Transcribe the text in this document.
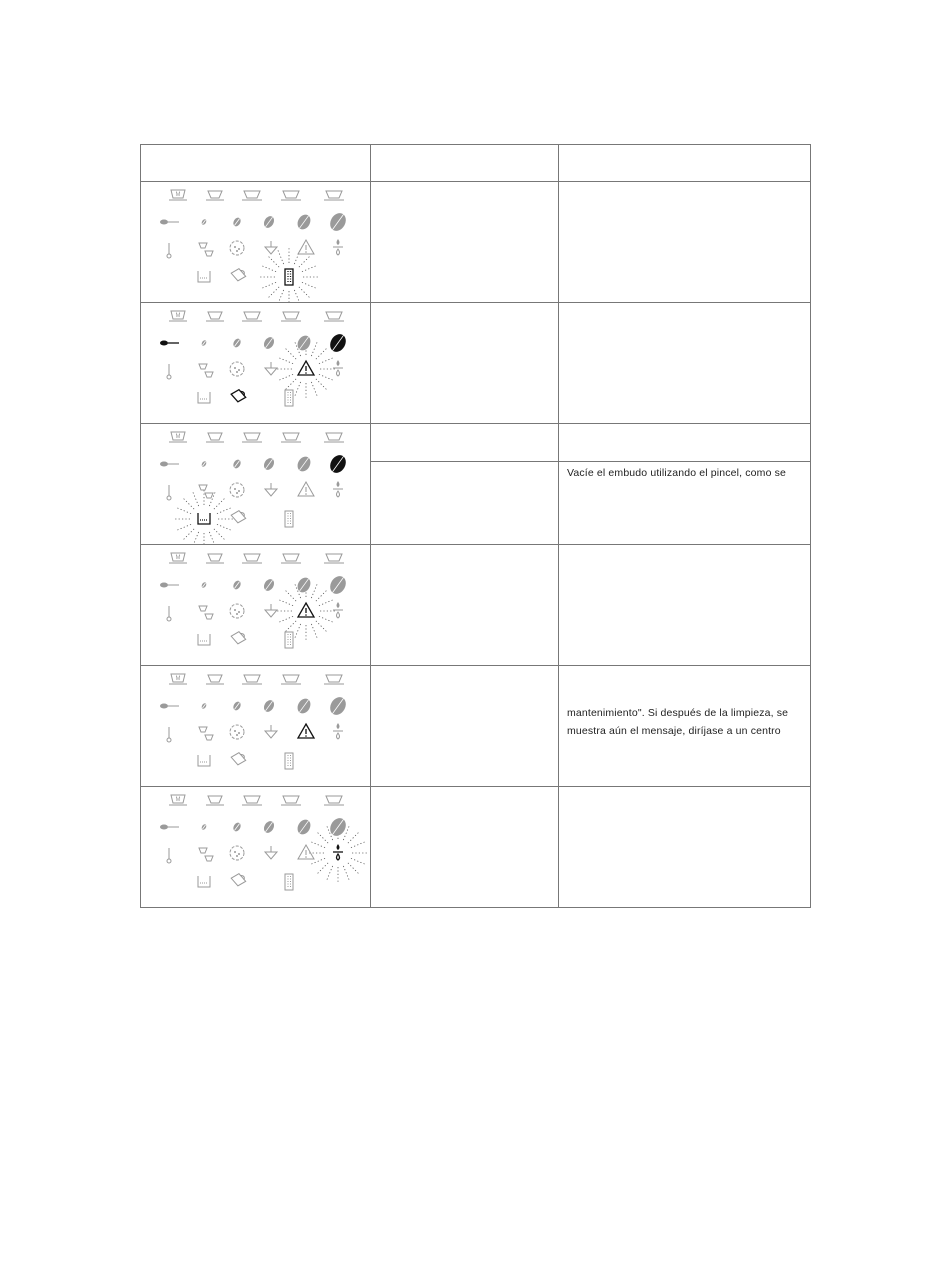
M		

M		

M		Vacíe el embudo utilizando el pincel, como se

M		

M		mantenimiento". Si después de la limpieza, se
muestra aún el mensaje, diríjase a un centro

M		
